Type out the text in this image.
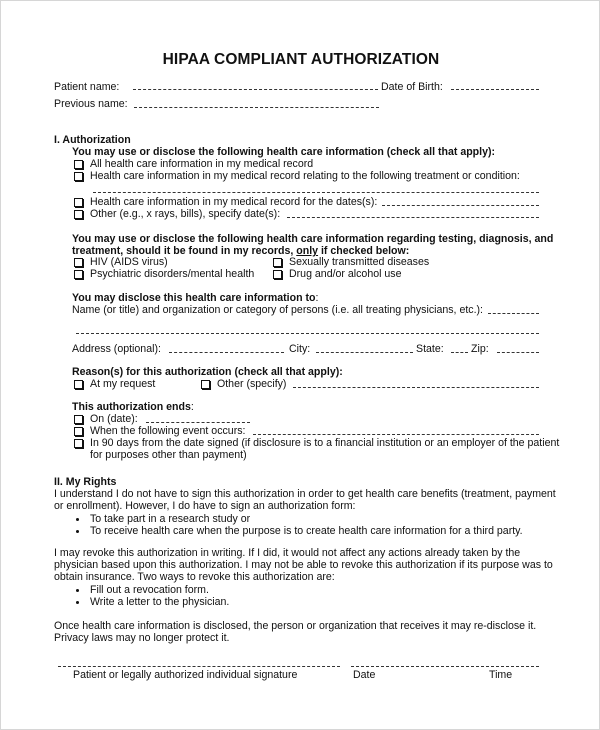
HIPAA COMPLIANT AUTHORIZATION
Patient name:	Date of Birth:
Previous name:
I. Authorization
You may use or disclose the following health care information (check all that apply):
All health care information in my medical record
Health care information in my medical record relating to the following treatment or condition:
Health care information in my medical record for the dates(s):
Other (e.g., x rays, bills), specify date(s):
You may use or disclose the following health care information regarding testing, diagnosis, and
treatment, should it be found in my records, only if checked below:
HIV (AIDS virus)	Sexually transmitted diseases
Psychiatric disorders/mental health	Drug and/or alcohol use
You may disclose this health care information to:
Name (or title) and organization or category of persons (i.e. all treating physicians, etc.):
Address (optional):	City:	State:	Zip:
Reason(s) for this authorization (check all that apply):
At my request	Other (specify)
This authorization ends:
On (date):
When the following event occurs:
In 90 days from the date signed (if disclosure is to a financial institution or an employer of the patient
for purposes other than payment)
II. My Rights
I understand I do not have to sign this authorization in order to get health care benefits (treatment, payment
or enrollment). However, I do have to sign an authorization form:
To take part in a research study or
To receive health care when the purpose is to create health care information for a third party.
I may revoke this authorization in writing. If I did, it would not affect any actions already taken by the
physician based upon this authorization. I may not be able to revoke this authorization if its purpose was to
obtain insurance. Two ways to revoke this authorization are:
Fill out a revocation form.
Write a letter to the physician.
Once health care information is disclosed, the person or organization that receives it may re-disclose it.
Privacy laws may no longer protect it.
Patient or legally authorized individual signature	Date	Time
